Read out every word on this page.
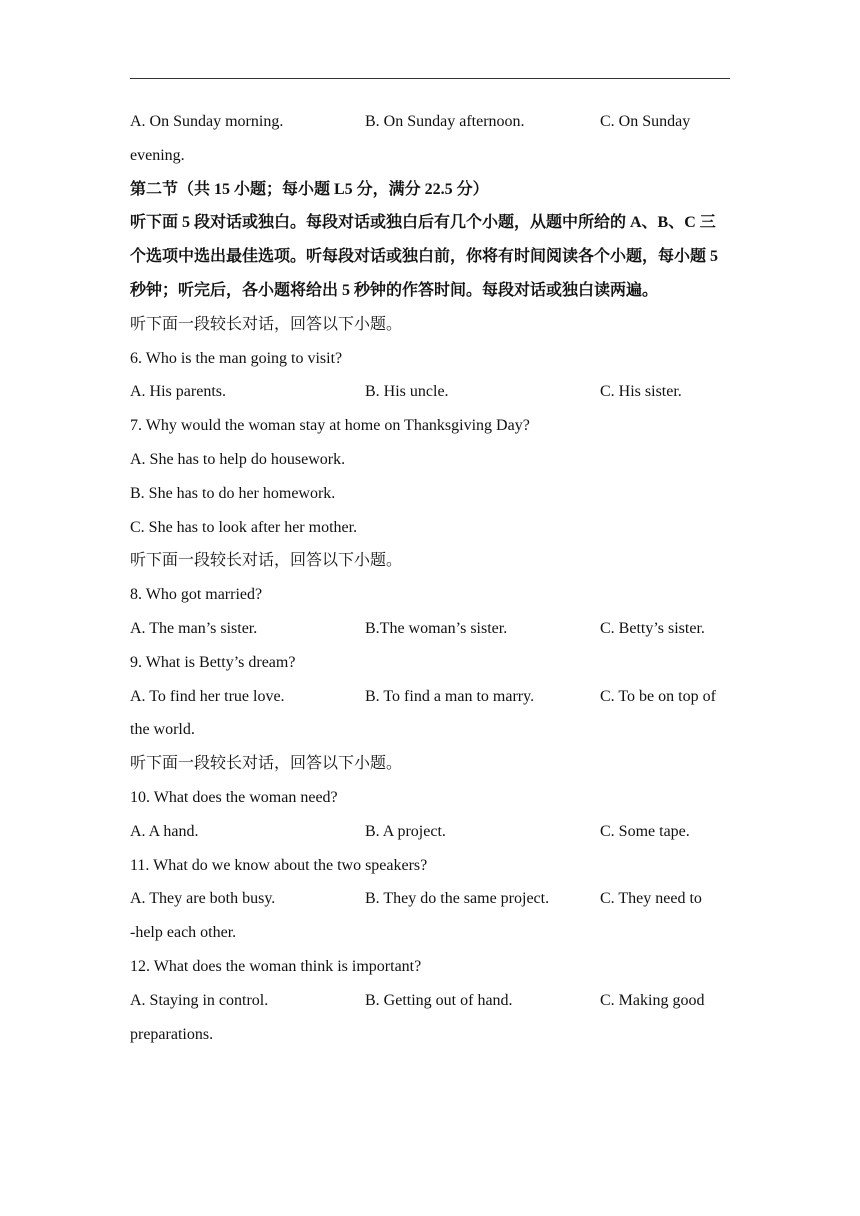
A. On Sunday morning.	B. On Sunday afternoon.	C. On Sunday
evening.
第二节（共 15 小题；每小题 L5 分，满分 22.5 分）
听下面 5 段对话或独白。每段对话或独白后有几个小题，从题中所给的 A、B、C 三个选项中选出最佳选项。听每段对话或独白前，你将有时间阅读各个小题，每小题 5 秒钟；听完后，各小题将给出 5 秒钟的作答时间。每段对话或独白读两遍。
听下面一段较长对话，回答以下小题。
6. Who is the man going to visit?
A. His parents.	B. His uncle.	C. His sister.
7. Why would the woman stay at home on Thanksgiving Day?
A. She has to help do housework.
B. She has to do her homework.
C. She has to look after her mother.
听下面一段较长对话，回答以下小题。
8. Who got married?
A. The man’s sister.	B.The woman’s sister.	C. Betty’s sister.
9. What is Betty’s dream?
A. To find her true love.	B. To find a man to marry.	C. To be on top of
the world.
听下面一段较长对话，回答以下小题。
10. What does the woman need?
A. A hand.	B. A project.	C. Some tape.
11. What do we know about the two speakers?
A. They are both busy.	B. They do the same project.	C. They need to
-help each other.
12. What does the woman think is important?
A. Staying in control.	B. Getting out of hand.	C. Making good
preparations.
